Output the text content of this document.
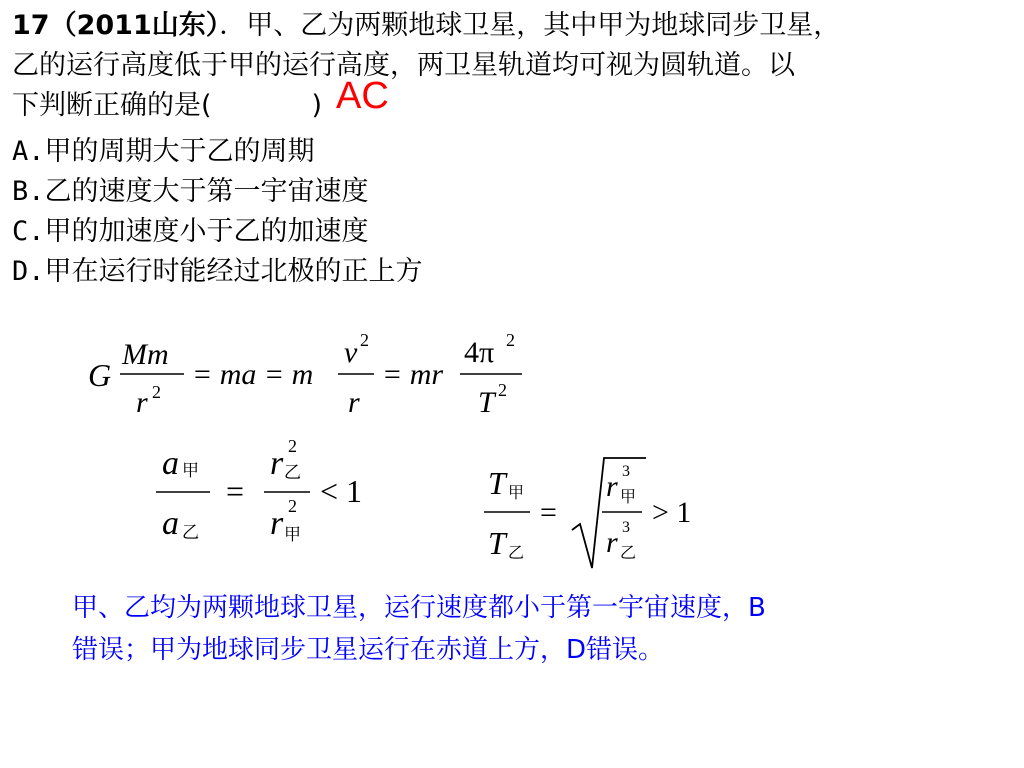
17（2011山东）．甲、乙为两颗地球卫星，其中甲为地球同步卫星，

乙的运行高度低于甲的运行高度，两卫星轨道均可视为圆轨道。以

下判断正确的是(	) AC

A.甲的周期大于乙的周期

B.乙的速度大于第一宇宙速度

C.甲的加速度小于乙的加速度

D.甲在运行时能经过北极的正上方

G
Mm
r 2
= ma = m
v 2
r
= mr
4π 2
T 2
a 甲
a 乙
=
r 2
乙
r 2
甲
< 1	T 甲
T 乙
=
r 3
甲
r 3
乙
> 1

甲、乙均为两颗地球卫星，运行速度都小于第一宇宙速度，B

错误；甲为地球同步卫星运行在赤道上方，D错误。
